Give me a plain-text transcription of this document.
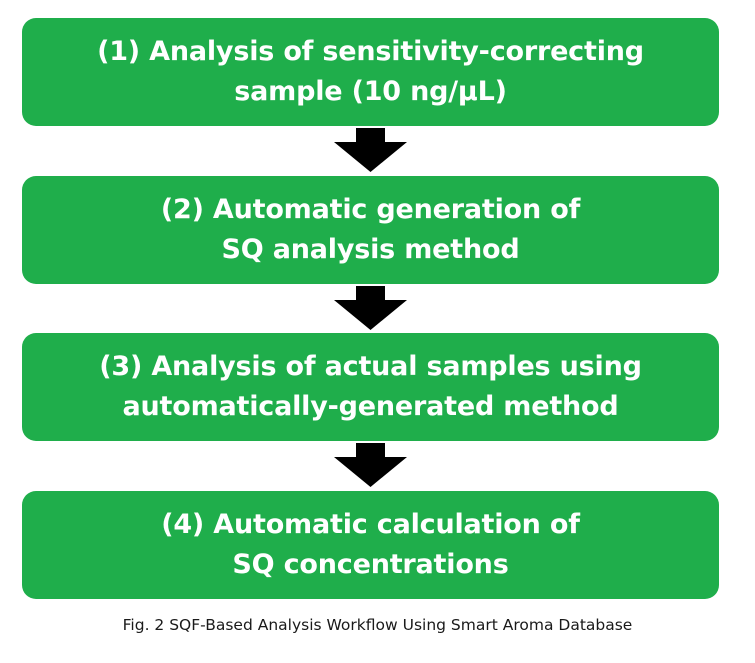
(1) Analysis of sensitivity-correcting
sample (10 ng/µL)
(2) Automatic generation of
SQ analysis method
(3) Analysis of actual samples using
automatically-generated method
(4) Automatic calculation of
SQ concentrations
Fig. 2 SQF-Based Analysis Workflow Using Smart Aroma Database
